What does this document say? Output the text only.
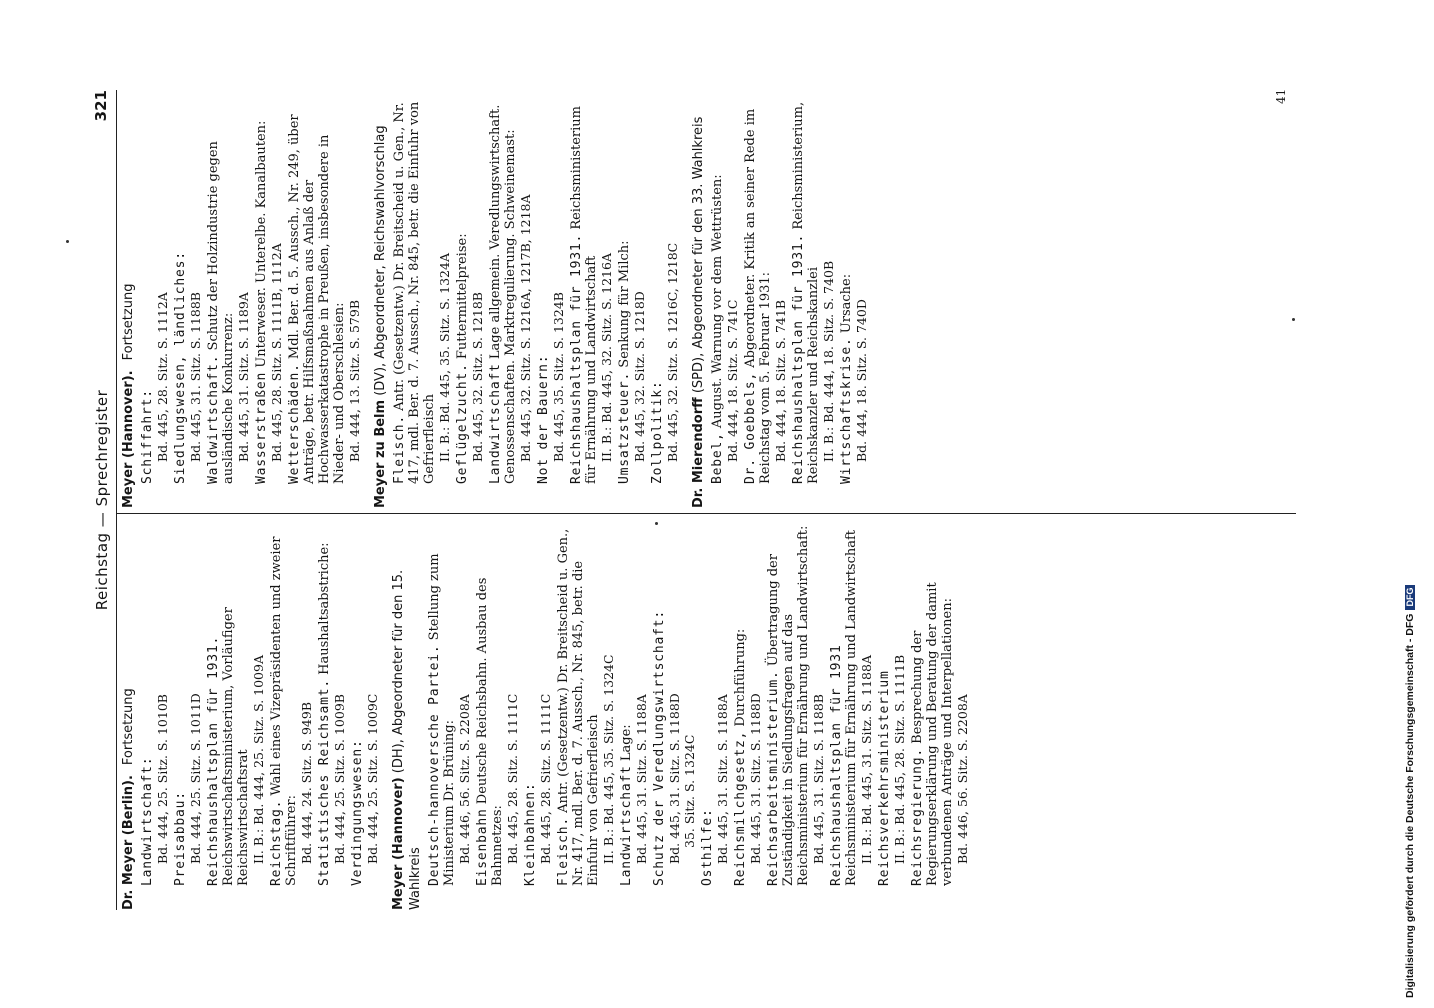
Reichstag — Sprechregister
321
Dr. Meyer (Berlin).Fortsetzung
Landwirtschaft: Bd. 444, 25. Sitz. S. 1010B Preisabbau: Bd. 444, 25. Sitz. S. 1011D Reichshaushaltsplan für 1931. Reichswirtschaftsministerium, Vorläufiger Reichswirtschaftsrat II. B.: Bd. 444, 25. Sitz. S. 1009A Reichstag. Wahl eines Vizepräsidenten und zweier Schriftführer: Bd. 444, 24. Sitz. S. 949B Statistisches Reichsamt. Haushaltsabstriche:
Bd. 444, 25. Sitz. S. 1009B Verdingungswesen: Bd. 444, 25. Sitz. S. 1009C Meyer (Hannover) (DH), Abgeordneter für den 15. Wahlkreis Deutsch-hannoversche Partei. Stellung zum Ministerium Dr. Brüning: Bd. 446, 56. Sitz. S. 2208A Eisenbahn Deutsche Reichsbahn. Ausbau des Bahnnetzes: Bd. 445, 28. Sitz. S. 1111C Kleinbahnen: Bd. 445, 28. Sitz. S. 1111C Fleisch. Antr. (Gesetzentw.) Dr. Breitscheid u. Gen., Nr. 417, mdl. Ber. d. 7. Aussch., Nr. 845, betr. die Einfuhr von Gefrierfleisch II. B.: Bd. 445, 35. Sitz. S. 1324C Landwirtschaft Lage: Bd. 445, 31. Sitz. S. 1188A Schutz der Veredlungswirtschaft: Bd. 445, 31. Sitz. S. 1188D 35. Sitz. S. 1324C Osthilfe: Bd. 445, 31. Sitz. S. 1188A Reichsmilchgesetz, Durchführung:
Bd. 445, 31. Sitz. S. 1188D Reichsarbeitsministerium. Übertragung der Zuständigkeit in Siedlungsfragen auf das Reichsministerium für Ernährung und Landwirtschaft: Bd. 445, 31. Sitz. S. 1188B Reichshaushaltsplan für 1931 Reichsministerium für Ernährung und Landwirtschaft II. B.: Bd. 445, 31. Sitz. S. 1188A Reichsverkehrsministerium II. B.: Bd. 445, 28. Sitz. S. 1111B Reichsregierung. Besprechung der Regierungserklärung und Beratung der damit verbundenen Anträge und Interpellationen: Bd. 446, 56. Sitz. S. 2208A
Meyer (Hannover).Fortsetzung
Schiffahrt: Bd. 445, 28. Sitz. S. 1112A Siedlungswesen, ländliches: Bd. 445, 31. Sitz. S. 1188B Waldwirtschaft. Schutz der Holzindustrie gegen ausländische Konkurrenz: Bd. 445, 31. Sitz. S. 1189A Wasserstraßen Unterweser. Unterelbe. Kanalbauten: Bd. 445, 28. Sitz. S. 1111B, 1112A Wetterschäden. Mdl. Ber. d. 5. Aussch., Nr. 249, über Anträge, betr. Hilfsmaßnahmen aus Anlaß der Hochwasserkatastrophe in Preußen, insbesondere in Nieder- und Oberschlesien: Bd. 444, 13. Sitz. S. 579B Meyer zu Belm (DV), Abgeordneter, Reichswahlvorschlag
Fleisch. Antr. (Gesetzentw.) Dr. Breitscheid u. Gen., Nr. 417, mdl. Ber. d. 7. Aussch., Nr. 845, betr. die Einfuhr von Gefrierfleisch II. B.: Bd. 445, 35. Sitz. S. 1324A Geflügelzucht. Futtermittelpreise: Bd. 445, 32. Sitz. S. 1218B Landwirtschaft Lage allgemein. Veredlungswirtschaft. Genossenschaften. Marktregulierung. Schweinemast: Bd. 445, 32. Sitz. S. 1216A, 1217B, 1218A Not der Bauern: Bd. 445, 35. Sitz. S. 1324B Reichshaushaltsplan für 1931. Reichsministerium für Ernährung und Landwirtschaft II. B.: Bd. 445, 32. Sitz. S. 1216A Umsatzsteuer. Senkung für Milch: Bd. 445, 32. Sitz. S. 1218D Zollpolitik: Bd. 445, 32. Sitz. S. 1216C, 1218C Dr. Mierendorff (SPD), Abgeordneter für den 33. Wahlkreis
Bebel, August. Warnung vor dem Wettrüsten: Bd. 444, 18. Sitz. S. 741C Dr. Goebbels, Abgeordneter. Kritik an seiner Rede im Reichstag vom 5. Februar 1931: Bd. 444, 18. Sitz. S. 741B Reichshaushaltsplan für 1931. Reichsministerium, Reichskanzler und Reichskanzlei II. B.: Bd. 444, 18. Sitz. S. 740B Wirtschaftskrise. Ursache: Bd. 444, 18. Sitz. S. 740D
41
Digitalisierung gefördert durch die Deutsche Forschungsgemeinschaft - DFGDFG
